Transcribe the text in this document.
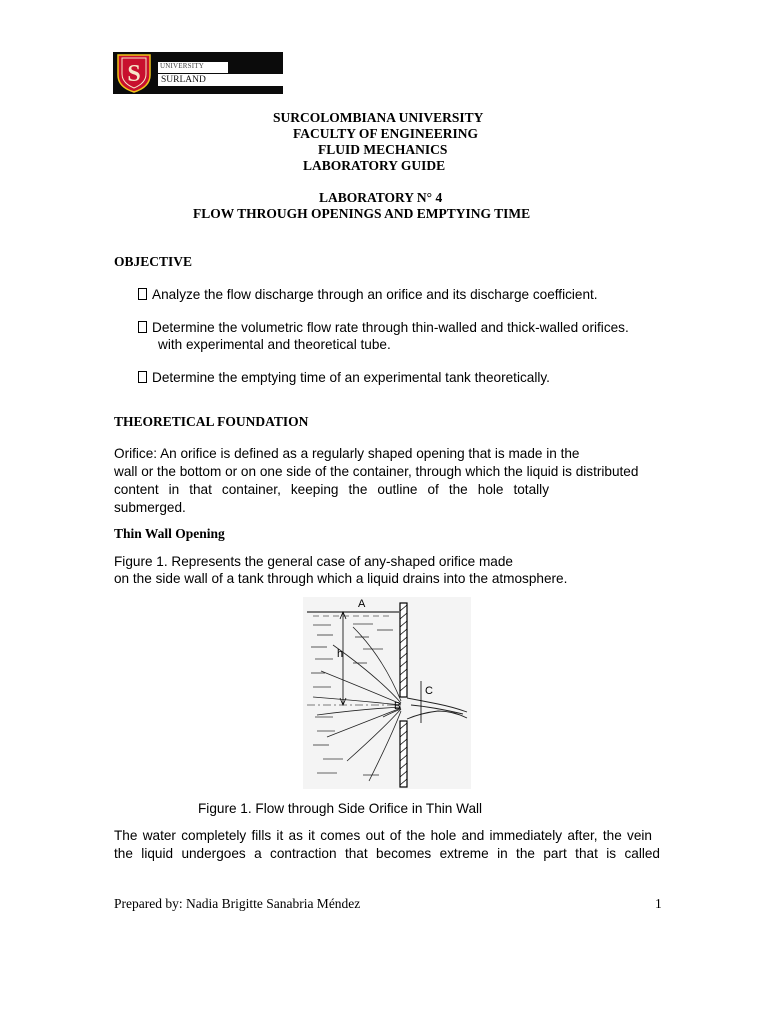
S	UNIVERSITY
SURLAND
SURCOLOMBIANA UNIVERSITY
FACULTY OF ENGINEERING
FLUID MECHANICS
LABORATORY GUIDE
LABORATORY N° 4
FLOW THROUGH OPENINGS AND EMPTYING TIME
OBJECTIVE
Analyze the flow discharge through an orifice and its discharge coefficient.
Determine the volumetric flow rate through thin-walled and thick-walled orifices.
with experimental and theoretical tube.
Determine the emptying time of an experimental tank theoretically.
THEORETICAL FOUNDATION
Orifice: An orifice is defined as a regularly shaped opening that is made in the
wall or the bottom or on one side of the container, through which the liquid is distributed
content in that container, keeping the outline of the hole totally
submerged.
Thin Wall Opening
Figure 1. Represents the general case of any-shaped orifice made
on the side wall of a tank through which a liquid drains into the atmosphere.
A
h
B
C
Figure 1. Flow through Side Orifice in Thin Wall
The water completely fills it as it comes out of the hole and immediately after, the vein
the liquid undergoes a contraction that becomes extreme in the part that is called
Prepared by: Nadia Brigitte Sanabria Méndez	1
